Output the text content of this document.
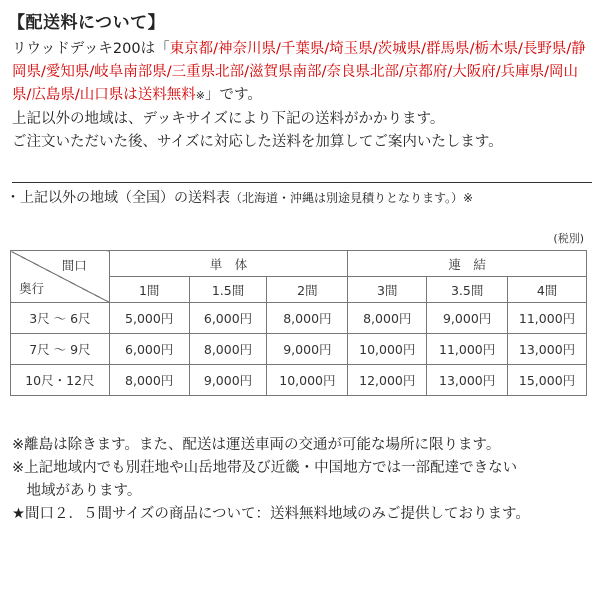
【配送料について】
リウッドデッキ200は「東京都/神奈川県/千葉県/埼玉県/茨城県/群馬県/栃木県/長野県/静岡県/愛知県/岐阜南部県/三重県北部/滋賀県南部/奈良県北部/京都府/大阪府/兵庫県/岡山県/広島県/山口県は送料無料※」です。
上記以外の地域は、デッキサイズにより下記の送料がかかります。
ご注文いただいた後、サイズに対応した送料を加算してご案内いたします。
・上記以外の地域（全国）の送料表（北海道・沖縄は別途見積りとなります。）※
(税別)
間口
奥行	単　体			連　結		
	1間	1.5間	2間	3間	3.5間	4間
3尺 ～ 6尺	5,000円	6,000円	8,000円	8,000円	9,000円	11,000円
7尺 ～ 9尺	6,000円	8,000円	9,000円	10,000円	11,000円	13,000円
10尺・12尺	8,000円	9,000円	10,000円	12,000円	13,000円	15,000円
※離島は除きます。また、配送は運送車両の交通が可能な場所に限ります。
※上記地域内でも別荘地や山岳地帯及び近畿・中国地方では一部配達できない
　地域があります。
★間口２．５間サイズの商品について：送料無料地域のみご提供しております。
